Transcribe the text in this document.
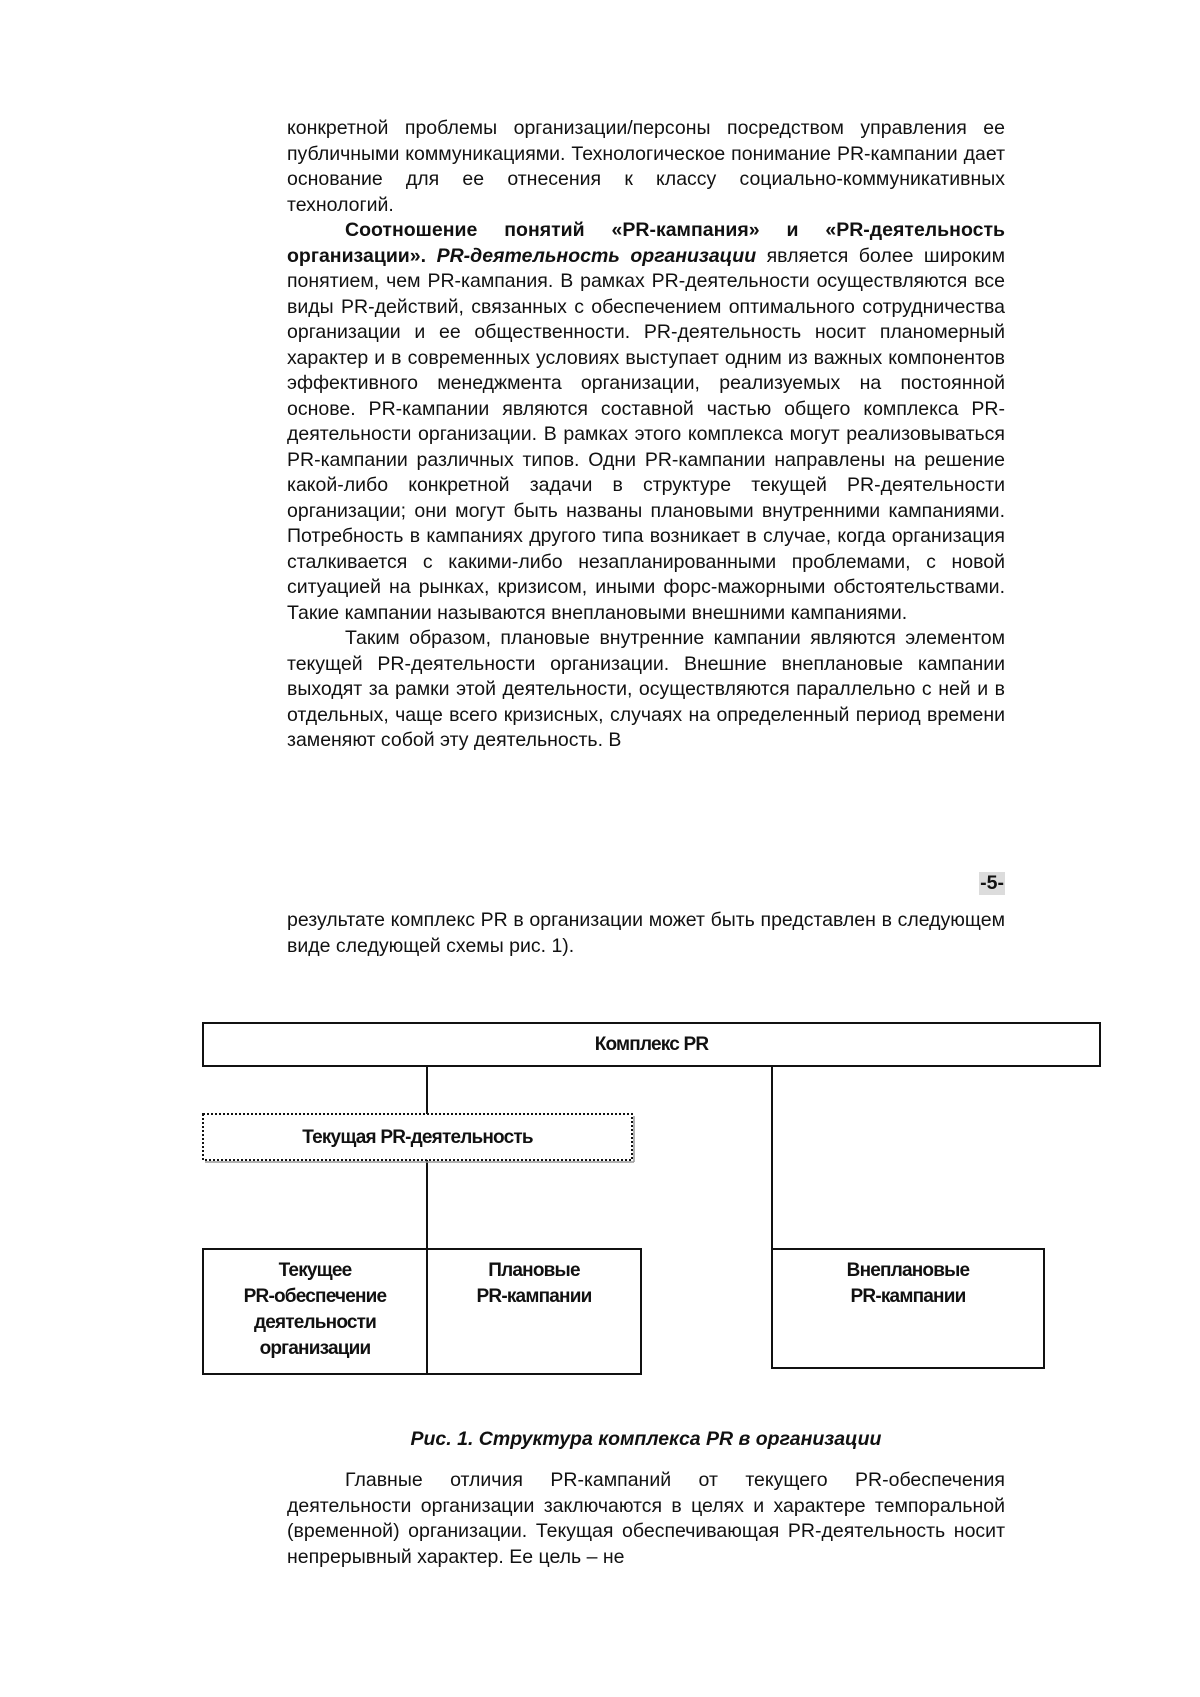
конкретной проблемы организации/персоны посредством управления ее публичными коммуникациями. Технологическое понимание PR-кампании дает основание для ее отнесения к классу социально-коммуникативных технологий.

Соотношение понятий «PR-кампания» и «PR-деятельность организации». PR-деятельность организации является более широким понятием, чем PR-кампания. В рамках PR-деятельности осуществляются все виды PR-действий, связанных с обеспечением оптимального сотрудничества организации и ее общественности. PR-деятельность носит планомерный характер и в современных условиях выступает одним из важных компонентов эффективного менеджмента организации, реализуемых на постоянной основе. PR-кампании являются составной частью общего комплекса PR-деятельности организации. В рамках этого комплекса могут реализовываться PR-кампании различных типов. Одни PR-кампании направлены на решение какой-либо конкретной задачи в структуре текущей PR-деятельности организации; они могут быть названы плановыми внутренними кампаниями. Потребность в кампаниях другого типа возникает в случае, когда организация сталкивается с какими-либо незапланированными проблемами, с новой ситуацией на рынках, кризисом, иными форс-мажорными обстоятельствами. Такие кампании называются внеплановыми внешними кампаниями.

Таким образом, плановые внутренние кампании являются элементом текущей PR-деятельности организации. Внешние внеплановые кампании выходят за рамки этой деятельности, осуществляются параллельно с ней и в отдельных, чаще всего кризисных, случаях на определенный период времени заменяют собой эту деятельность. В

-5-

результате комплекс PR в организации может быть представлен в следующем виде следующей схемы рис. 1).

Комплекс PR
Текущая PR-деятельность
Текущее
PR-обеспечение
деятельности
организации
Плановые
PR-кампании
Внеплановые
PR-кампании
Рис. 1. Структура комплекса PR в организации

Главные отличия PR-кампаний от текущего PR-обеспечения деятельности организации заключаются в целях и характере темпоральной (временной) организации. Текущая обеспечивающая PR-деятельность носит непрерывный характер. Ее цель – не
